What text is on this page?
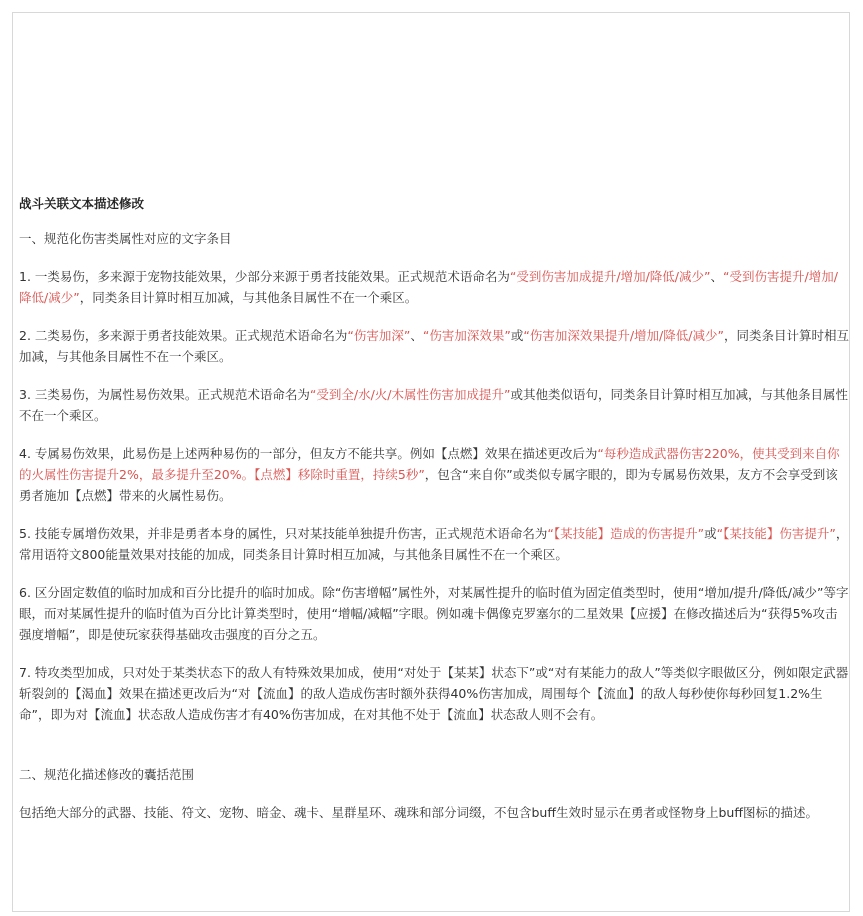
战斗关联文本描述修改
一、规范化伤害类属性对应的文字条目
1. 一类易伤，多来源于宠物技能效果，少部分来源于勇者技能效果。正式规范术语命名为“受到伤害加成提升/增加/降低/减少”、“受到伤害提升/增加/降低/减少”，同类条目计算时相互加减，与其他条目属性不在一个乘区。
2. 二类易伤，多来源于勇者技能效果。正式规范术语命名为“伤害加深”、“伤害加深效果”或“伤害加深效果提升/增加/降低/减少”，同类条目计算时相互加减，与其他条目属性不在一个乘区。
3. 三类易伤，为属性易伤效果。正式规范术语命名为“受到全/水/火/木属性伤害加成提升”或其他类似语句，同类条目计算时相互加减，与其他条目属性不在一个乘区。
4. 专属易伤效果，此易伤是上述两种易伤的一部分，但友方不能共享。例如【点燃】效果在描述更改后为“每秒造成武器伤害220%，使其受到来自你的火属性伤害提升2%，最多提升至20%。【点燃】移除时重置，持续5秒”，包含“来自你”或类似专属字眼的，即为专属易伤效果，友方不会享受到该勇者施加【点燃】带来的火属性易伤。
5. 技能专属增伤效果，并非是勇者本身的属性，只对某技能单独提升伤害，正式规范术语命名为“【某技能】造成的伤害提升”或“【某技能】伤害提升”，常用语符文800能量效果对技能的加成，同类条目计算时相互加减，与其他条目属性不在一个乘区。
6. 区分固定数值的临时加成和百分比提升的临时加成。除“伤害增幅”属性外，对某属性提升的临时值为固定值类型时，使用“增加/提升/降低/减少”等字眼，而对某属性提升的临时值为百分比计算类型时，使用“增幅/减幅”字眼。例如魂卡偶像克罗塞尔的二星效果【应援】在修改描述后为“获得5%攻击强度增幅”，即是使玩家获得基础攻击强度的百分之五。
7. 特攻类型加成，只对处于某类状态下的敌人有特殊效果加成，使用“对处于【某某】状态下”或“对有某能力的敌人”等类似字眼做区分，例如限定武器斩裂剑的【渴血】效果在描述更改后为“对【流血】的敌人造成伤害时额外获得40%伤害加成，周围每个【流血】的敌人每秒使你每秒回复1.2%生命”，即为对【流血】状态敌人造成伤害才有40%伤害加成，在对其他不处于【流血】状态敌人则不会有。
二、规范化描述修改的囊括范围
包括绝大部分的武器、技能、符文、宠物、暗金、魂卡、星群星环、魂珠和部分词缀，不包含buff生效时显示在勇者或怪物身上buff图标的描述。
